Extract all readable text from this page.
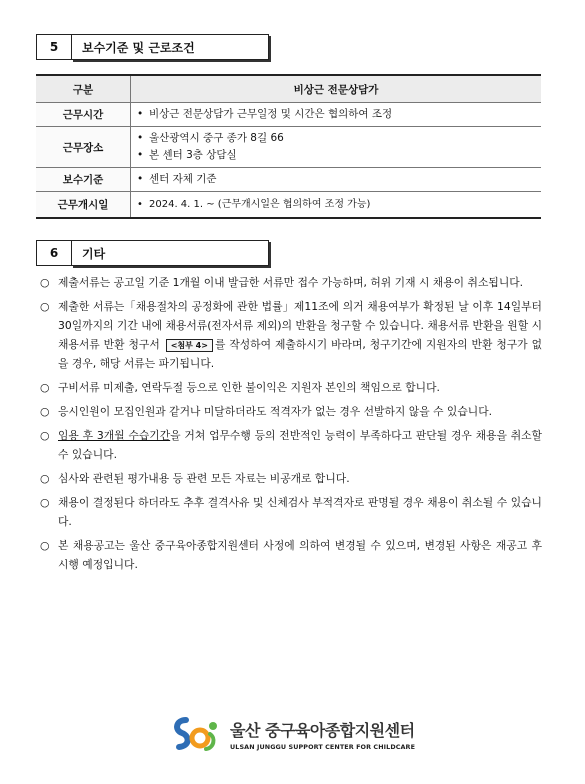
5	보수기준 및 근로조건
구분	비상근 전문상담가
근무시간	• 비상근 전문상담가 근무일정 및 시간은 협의하여 조정

근무장소	• 울산광역시 중구 종가 8길 66
• 본 센터 3층 상담실

보수기준	• 센터 자체 기준

근무개시일	• 2024. 4. 1. ~ (근무개시일은 협의하여 조정 가능)
6	기타
○ 제출서류는 공고일 기준 1개월 이내 발급한 서류만 접수 가능하며, 허위 기재 시 채용이 취소됩니다.
○ 제출한 서류는「채용절차의 공정화에 관한 법률」제11조에 의거 채용여부가 확정된 날 이후 14일부터 30일까지의 기간 내에 채용서류(전자서류 제외)의 반환을 청구할 수 있습니다. 채용서류 반환을 원할 시 채용서류 반환 청구서 <첨부 4> 를 작성하여 제출하시기 바라며, 청구기간에 지원자의 반환 청구가 없을 경우, 해당 서류는 파기됩니다.
○ 구비서류 미제출, 연락두절 등으로 인한 불이익은 지원자 본인의 책임으로 합니다.
○ 응시인원이 모집인원과 같거나 미달하더라도 적격자가 없는 경우 선발하지 않을 수 있습니다.
○ 임용 후 3개월 수습기간을 거쳐 업무수행 등의 전반적인 능력이 부족하다고 판단될 경우 채용을 취소할 수 있습니다.
○ 심사와 관련된 평가내용 등 관련 모든 자료는 비공개로 합니다.
○ 채용이 결정된다 하더라도 추후 결격사유 및 신체검사 부적격자로 판명될 경우 채용이 취소될 수 있습니다.
○ 본 채용공고는 울산 중구육아종합지원센터 사정에 의하여 변경될 수 있으며, 변경된 사항은 재공고 후 시행 예정입니다.
울산 중구육아종합지원센터
ULSAN JUNGGU SUPPORT CENTER FOR CHILDCARE
